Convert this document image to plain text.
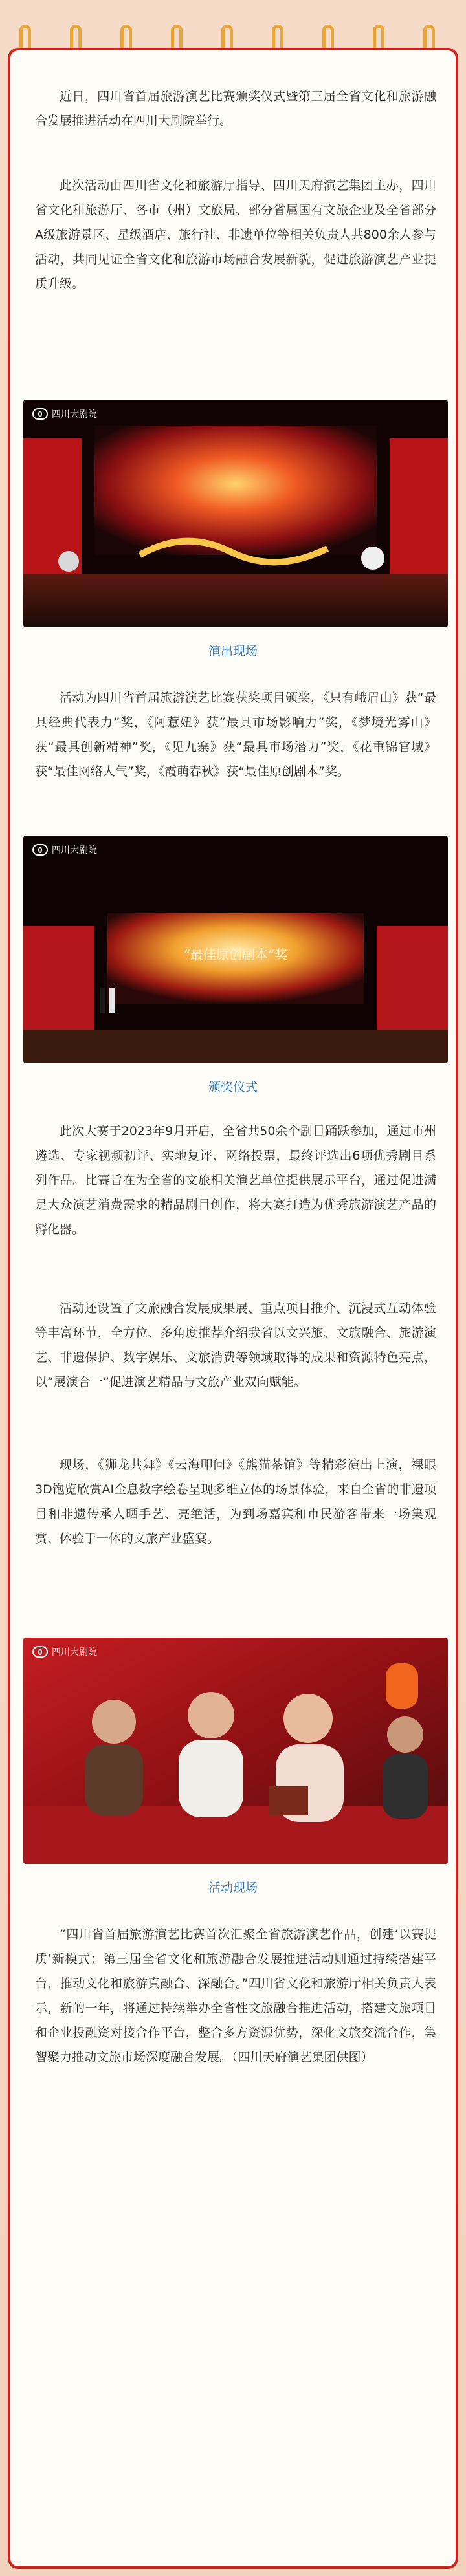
近日，四川省首届旅游演艺比赛颁奖仪式暨第三届全省文化和旅游融合发展推进活动在四川大剧院举行。

此次活动由四川省文化和旅游厅指导、四川天府演艺集团主办，四川省文化和旅游厅、各市（州）文旅局、部分省属国有文旅企业及全省部分A级旅游景区、星级酒店、旅行社、非遗单位等相关负责人共800余人参与活动，共同见证全省文化和旅游市场融合发展新貌，促进旅游演艺产业提质升级。

四川大剧院
演出现场

活动为四川省首届旅游演艺比赛获奖项目颁奖，《只有峨眉山》获“最具经典代表力”奖，《阿惹妞》获“最具市场影响力”奖，《梦境光雾山》获“最具创新精神”奖，《见九寨》获“最具市场潜力”奖，《花重锦官城》获“最佳网络人气”奖，《霞萌春秋》获“最佳原创剧本”奖。

四川大剧院
“最佳原创剧本”奖
颁奖仪式

此次大赛于2023年9月开启，全省共50余个剧目踊跃参加，通过市州遴选、专家视频初评、实地复评、网络投票，最终评选出6项优秀剧目系列作品。比赛旨在为全省的文旅相关演艺单位提供展示平台，通过促进满足大众演艺消费需求的精品剧目创作，将大赛打造为优秀旅游演艺产品的孵化器。

活动还设置了文旅融合发展成果展、重点项目推介、沉浸式互动体验等丰富环节，全方位、多角度推荐介绍我省以文兴旅、文旅融合、旅游演艺、非遗保护、数字娱乐、文旅消费等领域取得的成果和资源特色亮点，以“展演合一”促进演艺精品与文旅产业双向赋能。

现场，《狮龙共舞》《云海叩问》《熊猫茶馆》等精彩演出上演，裸眼3D饱览欣赏AI全息数字绘卷呈现多维立体的场景体验，来自全省的非遗项目和非遗传承人晒手艺、亮绝活，为到场嘉宾和市民游客带来一场集观赏、体验于一体的文旅产业盛宴。

四川大剧院
活动现场

“四川省首届旅游演艺比赛首次汇聚全省旅游演艺作品，创建‘以赛提质’新模式；第三届全省文化和旅游融合发展推进活动则通过持续搭建平台，推动文化和旅游真融合、深融合。”四川省文化和旅游厅相关负责人表示，新的一年，将通过持续举办全省性文旅融合推进活动，搭建文旅项目和企业投融资对接合作平台，整合多方资源优势，深化文旅交流合作，集智聚力推动文旅市场深度融合发展。（四川天府演艺集团供图）
